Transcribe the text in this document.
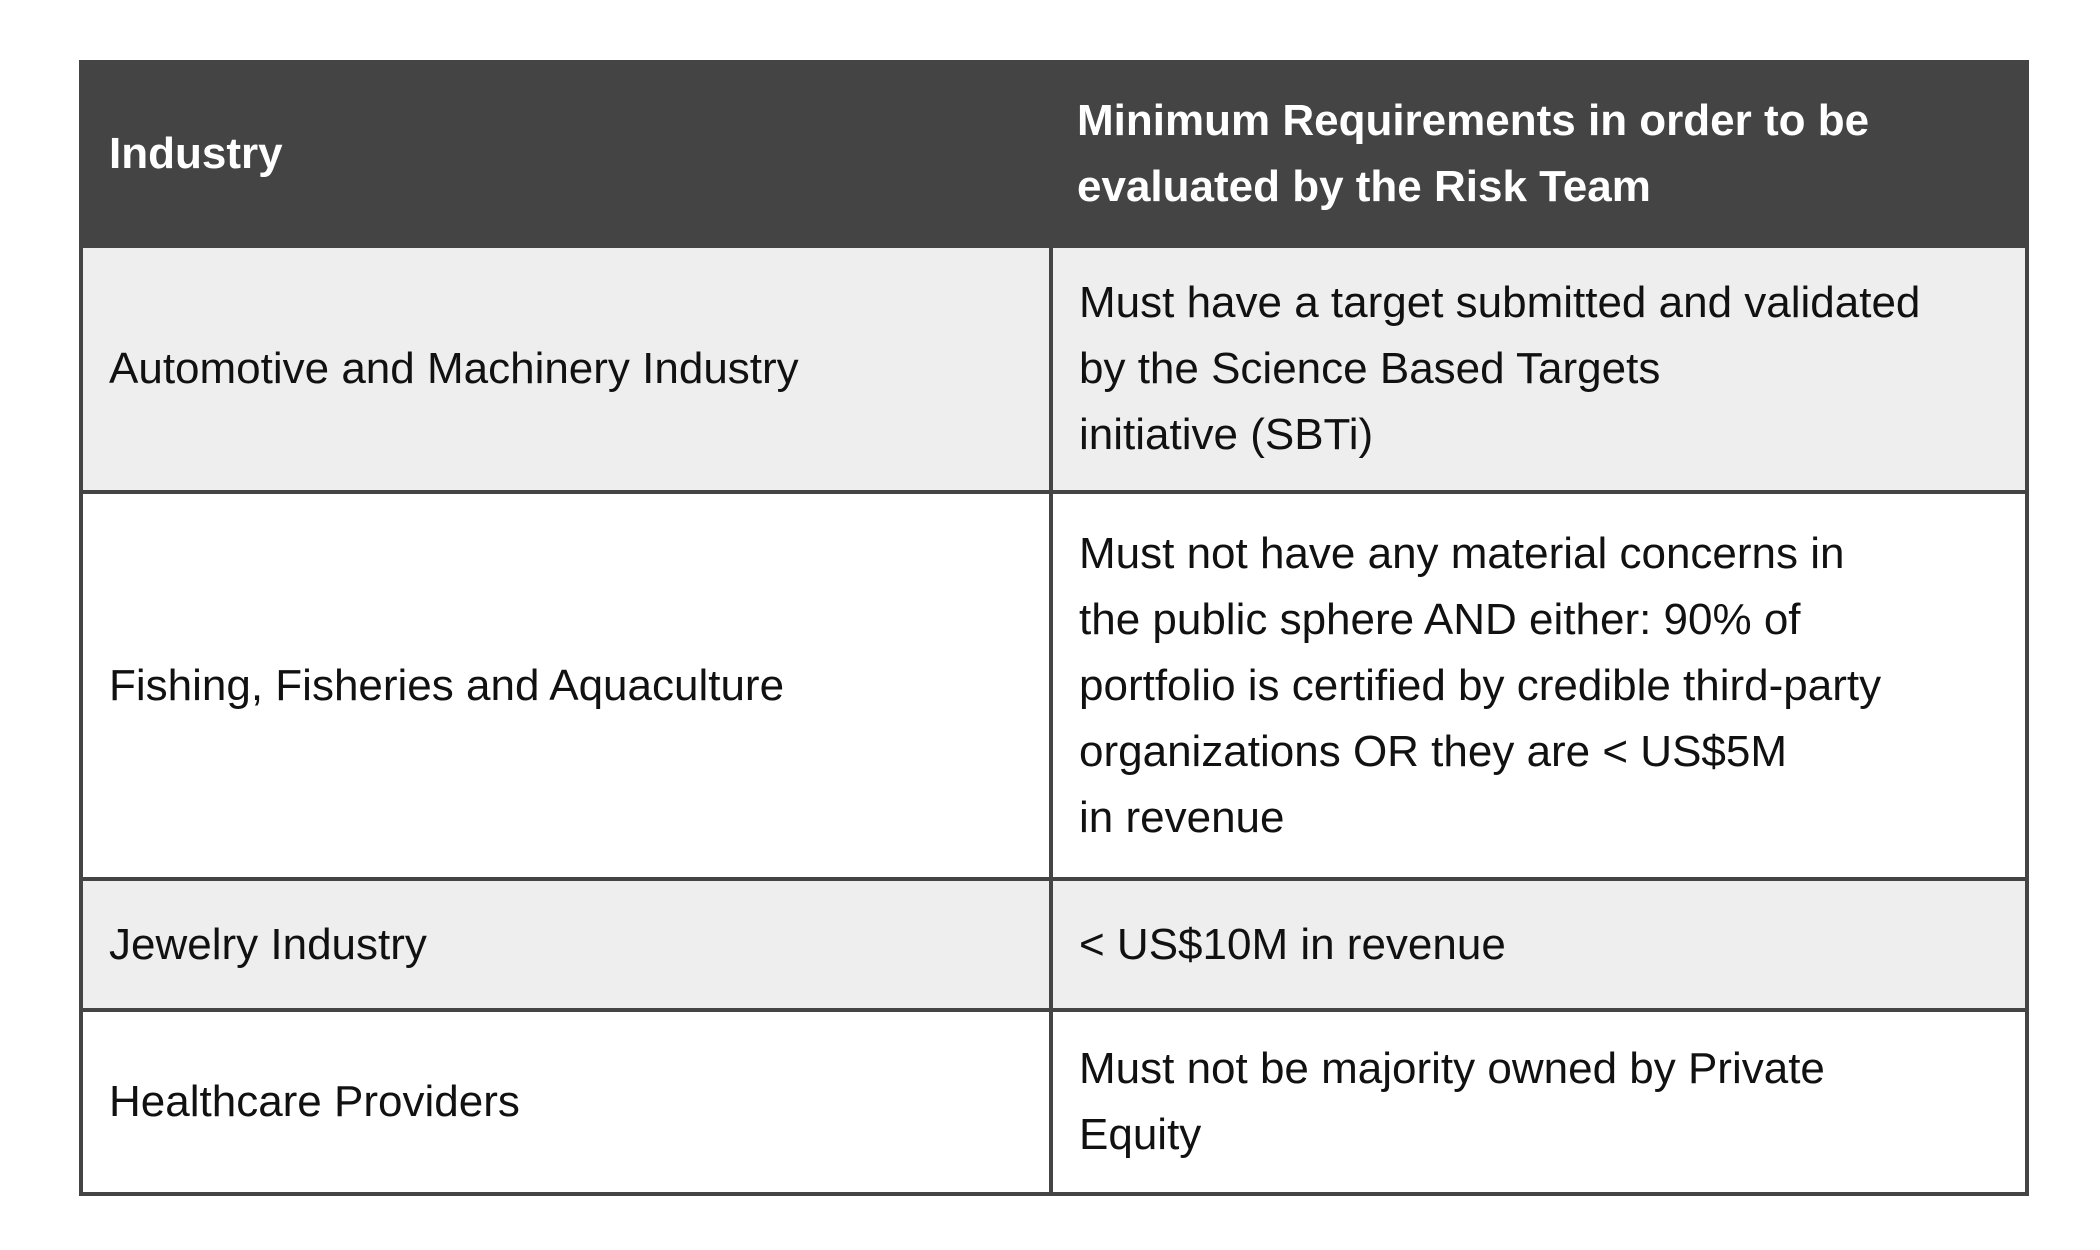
Industry	Minimum Requirements in order to be evaluated by the Risk Team
Automotive and Machinery Industry	Must have a target submitted and validated
by the Science Based Targets
initiative (SBTi)

Fishing, Fisheries and Aquaculture	Must not have any material concerns in
the public sphere AND either: 90% of
portfolio is certified by credible third-party
organizations OR they are < US$5M
in revenue

Jewelry Industry	< US$10M in revenue

Healthcare Providers	Must not be majority owned by Private
Equity
